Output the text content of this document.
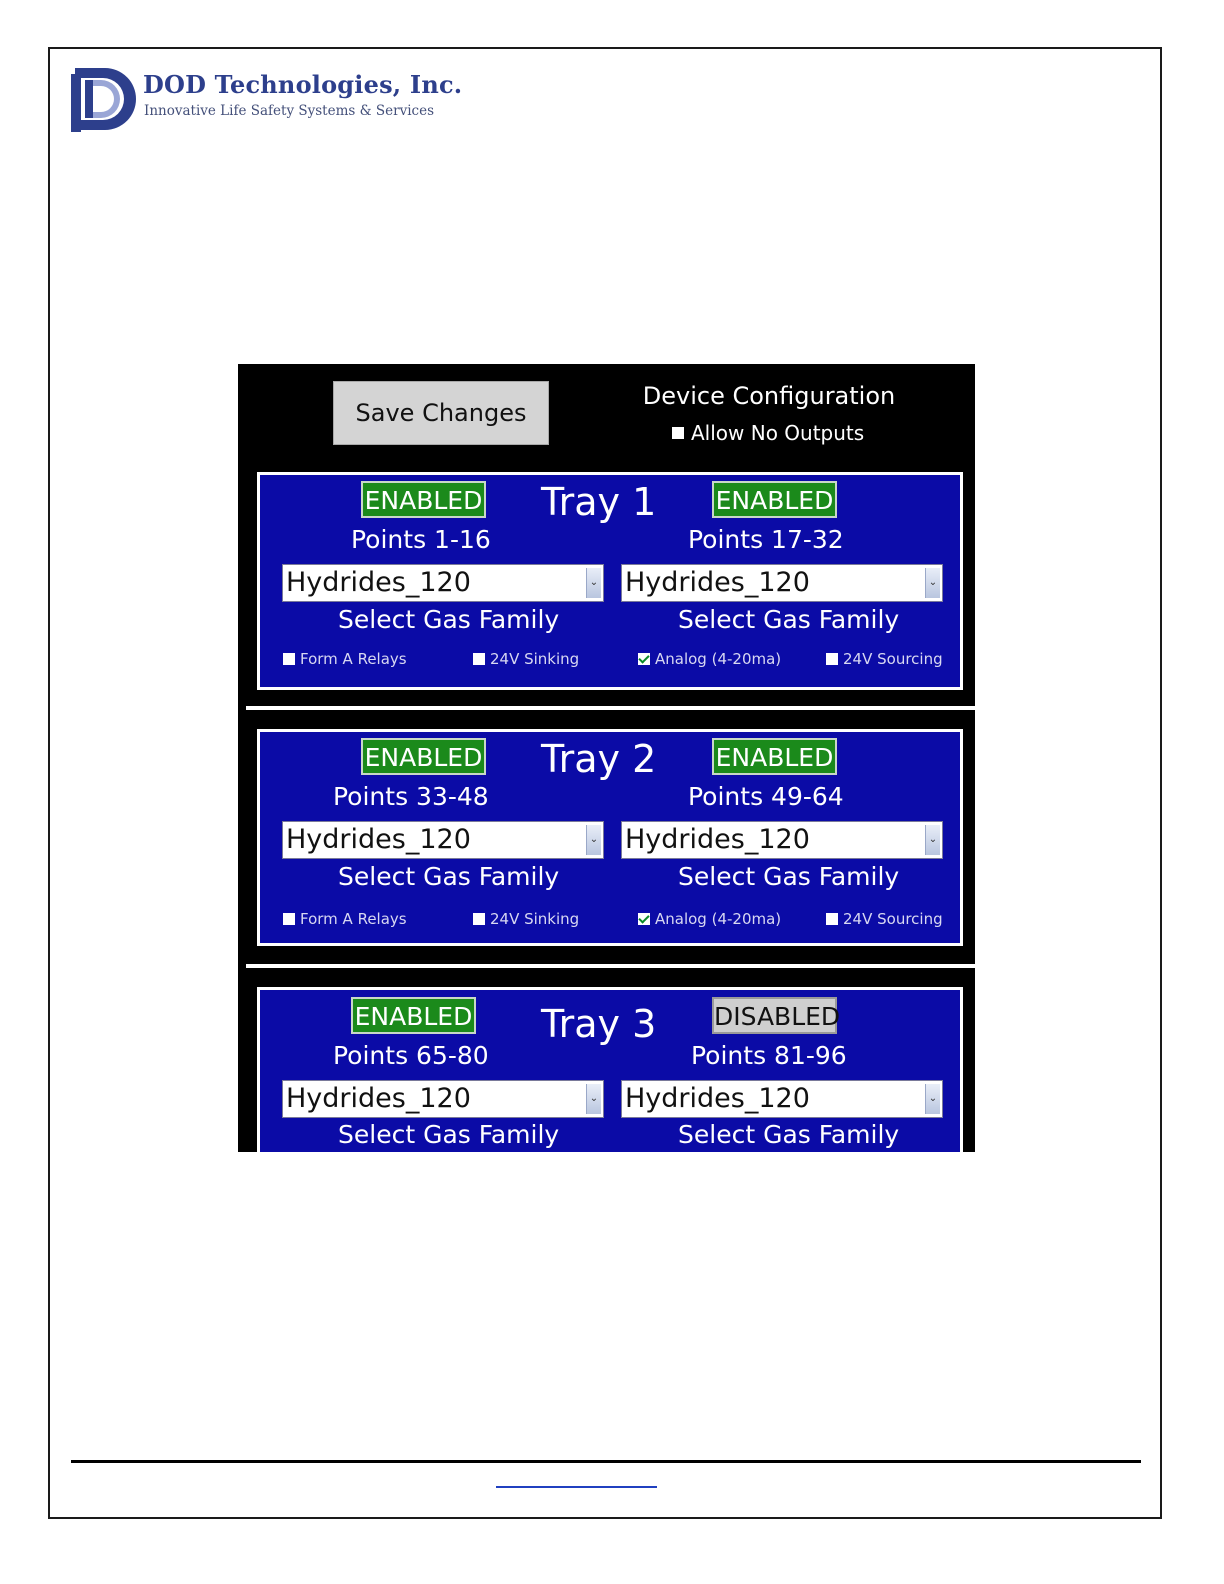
DOD Technologies, Inc.
Innovative Life Safety Systems & Services
Save Changes
Device Configuration
Allow No Outputs
Tray 1
ENABLED	ENABLED
Points 1-16	Points 17-32
Hydrides_120	⌄ Hydrides_120	⌄
Select Gas Family	Select Gas Family
Form A Relays	24V Sinking	Analog (4-20ma)	24V Sourcing
Tray 2
ENABLED	ENABLED
Points 33-48	Points 49-64
Hydrides_120	⌄ Hydrides_120	⌄
Select Gas Family	Select Gas Family
Form A Relays	24V Sinking	Analog (4-20ma)	24V Sourcing
Tray 3
ENABLED	DISABLED
Points 65-80	Points 81-96
Hydrides_120	⌄ Hydrides_120	⌄
Select Gas Family	Select Gas Family
